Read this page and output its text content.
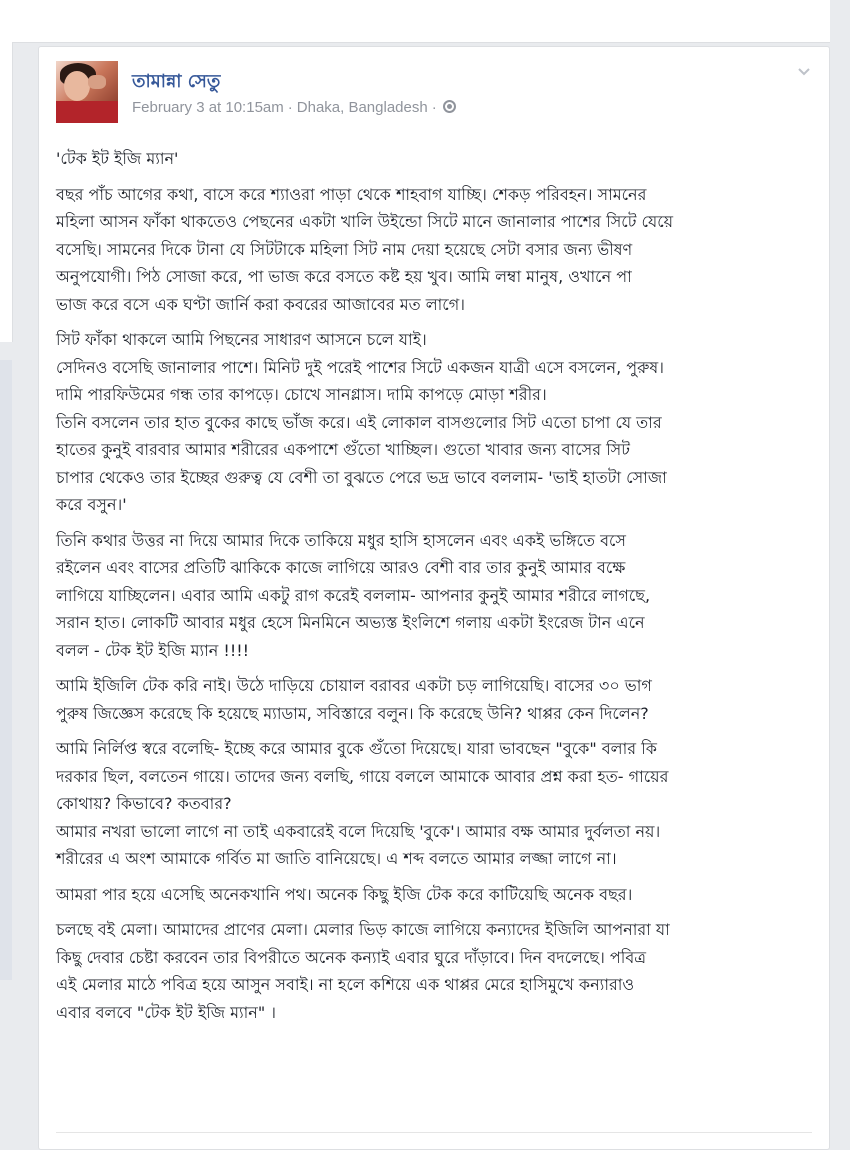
তামান্না সেতু
February 3 at 10:15am · Dhaka, Bangladesh ·

'টেক ইট ইজি ম্যান'

বছর পাঁচ আগের কথা, বাসে করে শ্যাওরা পাড়া থেকে শাহবাগ যাচ্ছি। শেকড় পরিবহন। সামনের
মহিলা আসন ফাঁকা থাকতেও পেছনের একটা খালি উইন্ডো সিটে মানে জানালার পাশের সিটে যেয়ে
বসেছি। সামনের দিকে টানা যে সিটটাকে মহিলা সিট নাম দেয়া হয়েছে সেটা বসার জন্য ভীষণ
অনুপযোগী। পিঠ সোজা করে, পা ভাজ করে বসতে কষ্ট হয় খুব। আমি লম্বা মানুষ, ওখানে পা
ভাজ করে বসে এক ঘণ্টা জার্নি করা কবরের আজাবের মত লাগে।

সিট ফাঁকা থাকলে আমি পিছনের সাধারণ আসনে চলে যাই।
সেদিনও বসেছি জানালার পাশে। মিনিট দুই পরেই পাশের সিটে একজন যাত্রী এসে বসলেন, পুরুষ।
দামি পারফিউমের গন্ধ তার কাপড়ে। চোখে সানগ্লাস। দামি কাপড়ে মোড়া শরীর।
তিনি বসলেন তার হাত বুকের কাছে ভাঁজ করে। এই লোকাল বাসগুলোর সিট এতো চাপা যে তার
হাতের কুনুই বারবার আমার শরীরের একপাশে গুঁতো খাচ্ছিল। গুতো খাবার জন্য বাসের সিট
চাপার থেকেও তার ইচ্ছের গুরুত্ব যে বেশী তা বুঝতে পেরে ভদ্র ভাবে বললাম- 'ভাই হাতটা সোজা
করে বসুন।'

তিনি কথার উত্তর না দিয়ে আমার দিকে তাকিয়ে মধুর হাসি হাসলেন এবং একই ভঙ্গিতে বসে
রইলেন এবং বাসের প্রতিটি ঝাকিকে কাজে লাগিয়ে আরও বেশী বার তার কুনুই আমার বক্ষে
লাগিয়ে যাচ্ছিলেন। এবার আমি একটু রাগ করেই বললাম- আপনার কুনুই আমার শরীরে লাগছে,
সরান হাত। লোকটি আবার মধুর হেসে মিনমিনে অভ্যস্ত ইংলিশে গলায় একটা ইংরেজ টান এনে
বলল - টেক ইট ইজি ম্যান !!!!

আমি ইজিলি টেক করি নাই। উঠে দাড়িয়ে চোয়াল বরাবর একটা চড় লাগিয়েছি। বাসের ৩০ ভাগ
পুরুষ জিজ্ঞেস করেছে কি হয়েছে ম্যাডাম, সবিস্তারে বলুন। কি করেছে উনি? থাপ্পর কেন দিলেন?

আমি নির্লিপ্ত স্বরে বলেছি- ইচ্ছে করে আমার বুকে গুঁতো দিয়েছে। যারা ভাবছেন "বুকে" বলার কি
দরকার ছিল, বলতেন গায়ে। তাদের জন্য বলছি, গায়ে বললে আমাকে আবার প্রশ্ন করা হত- গায়ের
কোথায়? কিভাবে? কতবার?
আমার নখরা ভালো লাগে না তাই একবারেই বলে দিয়েছি 'বুকে'। আমার বক্ষ আমার দুর্বলতা নয়।
শরীরের এ অংশ আমাকে গর্বিত মা জাতি বানিয়েছে। এ শব্দ বলতে আমার লজ্জা লাগে না।

আমরা পার হয়ে এসেছি অনেকখানি পথ। অনেক কিছু ইজি টেক করে কাটিয়েছি অনেক বছর।

চলছে বই মেলা। আমাদের প্রাণের মেলা। মেলার ভিড় কাজে লাগিয়ে কন্যাদের ইজিলি আপনারা যা
কিছু দেবার চেষ্টা করবেন তার বিপরীতে অনেক কন্যাই এবার ঘুরে দাঁড়াবে। দিন বদলেছে। পবিত্র
এই মেলার মাঠে পবিত্র হয়ে আসুন সবাই। না হলে কশিয়ে এক থাপ্পর মেরে হাসিমুখে কন্যারাও
এবার বলবে "টেক ইট ইজি ম্যান" ।
